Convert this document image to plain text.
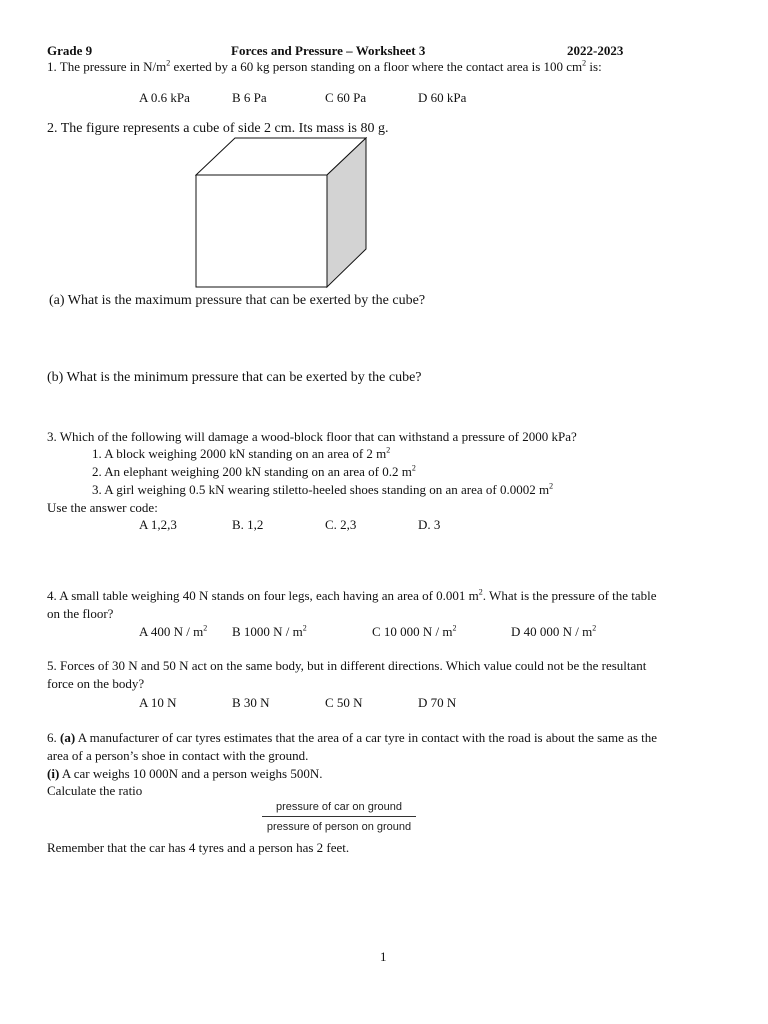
Grade 9	Forces and Pressure – Worksheet 3	2022-2023
1. The pressure in $N/m^2$ exerted by a 60 kg person standing on a floor where the contact area is 100 $cm^2$ is:
A 0.6 kPa	B 6 Pa	C 60 Pa	D 60 kPa
2. The figure represents a cube of side 2 cm. Its mass is 80 g.
(a) What is the maximum pressure that can be exerted by the cube?
(b) What is the minimum pressure that can be exerted by the cube?
3. Which of the following will damage a wood-block floor that can withstand a pressure of 2000 kPa?
1. A block weighing 2000 kN standing on an area of 2 $m^2$
2. An elephant weighing 200 kN standing on an area of 0.2 $m^2$
3. A girl weighing 0.5 kN wearing stiletto-heeled shoes standing on an area of 0.0002 $m^2$
Use the answer code:
A 1,2,3	B. 1,2	C. 2,3	D. 3
4. A small table weighing 40 N stands on four legs, each having an area of 0.001 $m^2$. What is the pressure of the table
on the floor?
A 400 N / $m^2$ B 1000 N / $m^2$	C 10 000 N / $m^2$	D 40 000 N / $m^2$
5. Forces of 30 N and 50 N act on the same body, but in different directions. Which value could not be the resultant
force on the body?
A 10 N	B 30 N	C 50 N	D 70 N
6. (a) A manufacturer of car tyres estimates that the area of a car tyre in contact with the road is about the same as the
area of a person’s shoe in contact with the ground.
(i) A car weighs 10 000N and a person weighs 500N.
Calculate the ratio
pressure of car on ground
pressure of person on ground
Remember that the car has 4 tyres and a person has 2 feet.
1
